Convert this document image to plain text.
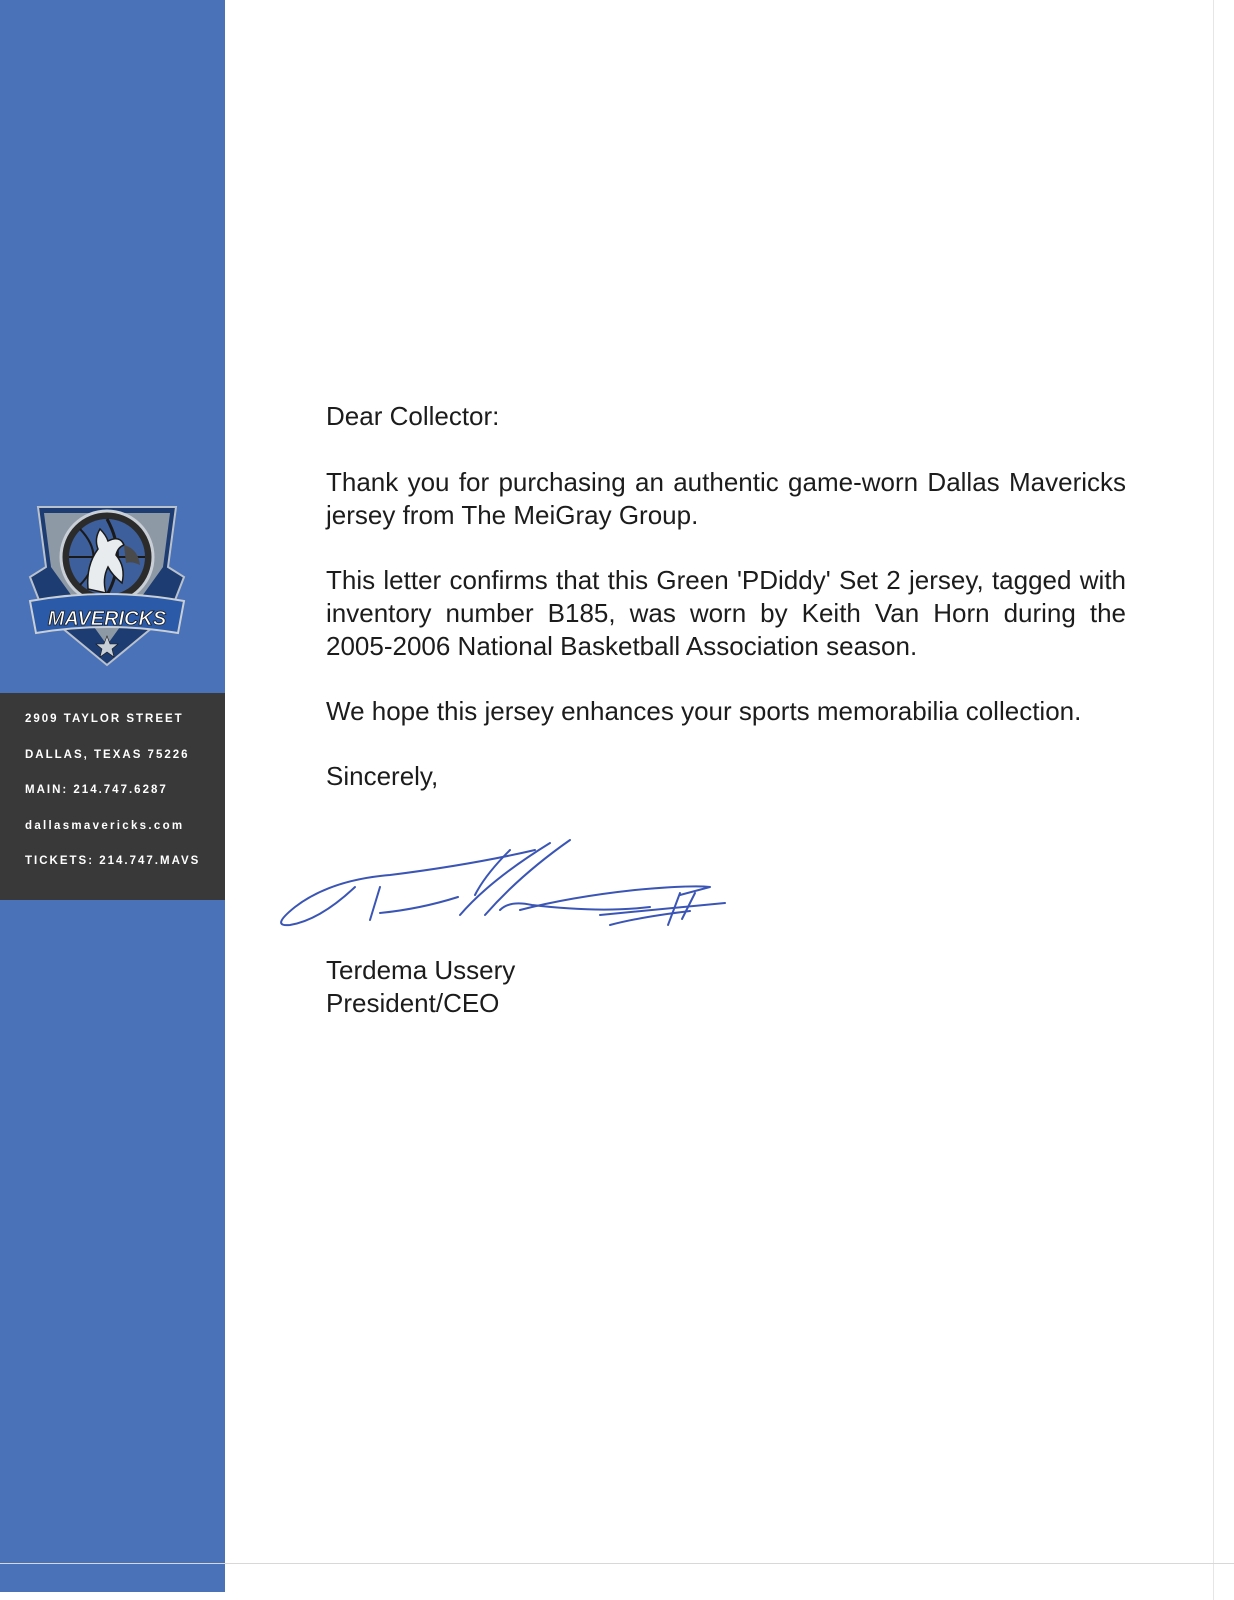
MAVERICKS
2909 TAYLOR STREET
DALLAS, TEXAS 75226
MAIN: 214.747.6287
dallasmavericks.com
TICKETS: 214.747.MAVS

Dear Collector:

Thank you for purchasing an authentic game-worn Dallas Mavericks jersey from The MeiGray Group.

This letter confirms that this Green 'PDiddy' Set 2 jersey, tagged with inventory number B185, was worn by Keith Van Horn during the 2005-2006 National Basketball Association season.

We hope this jersey enhances your sports memorabilia collection.

Sincerely,

Terdema Ussery
President/CEO
